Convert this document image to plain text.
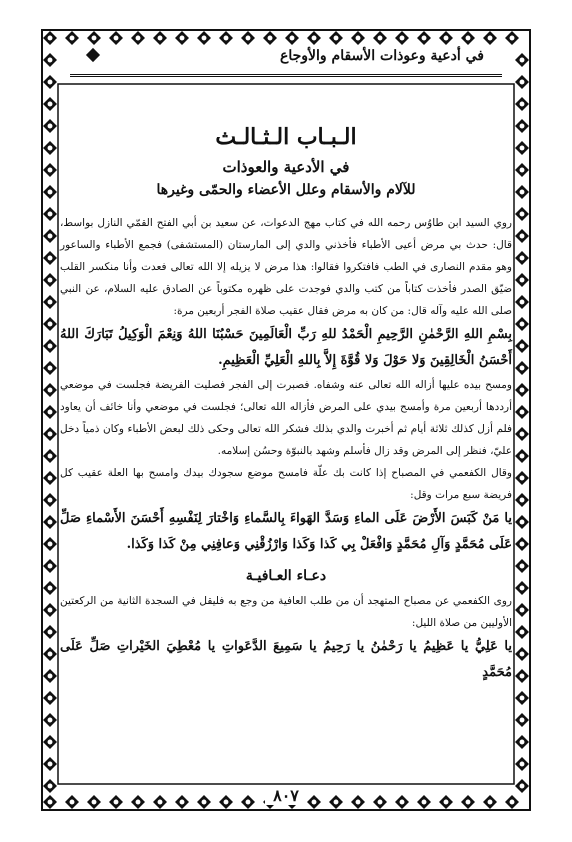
في أدعية وعوذات الأسقام والأوجاع
الـبـاب الـثـالـث
في الأدعية والعوذات
للآلام والأسقام وعلل الأعضاء والحمّى وغيرها

روي السيد ابن طاوُس رحمه الله في كتاب مهج الدعوات، عن سعيد بن أبي الفتح القمّي النازل بواسط، قال: حدث بي مرض أعيى الأطباء فأخذني والدي إلى المارستان (المستشفى) فجمع الأطباء والساعور وهو مقدم النصارى في الطب فافتكروا فقالوا: هذا مرض لا يزيله إلا الله تعالى فعدت وأنا منكسر القلب ضيّق الصدر فأخذت كتاباً من كتب والدي فوجدت على ظهره مكتوباً عن الصادق عليه السلام، عن النبي صلى الله عليه وآله قال: من كان به مرض فقال عقيب صلاة الفجر أربعين مرة:

بِسْمِ اللهِ الرَّحْمٰنِ الرَّحِيمِ الْحَمْدُ للهِ رَبِّ الْعَالَمِينَ حَسْبُنَا اللهُ وَنِعْمَ الْوَكِيلُ تَبَارَكَ اللهُ أَحْسَنُ الْخَالِقِينَ وَلا حَوْلَ وَلا قُوَّةَ إِلاَّ بِاللهِ الْعَلِيِّ الْعَظِيمِ.

ومسح بيده عليها أزاله الله تعالى عنه وشفاه. فصبرت إلى الفجر فصليت الفريضة فجلست في موضعي أرددها أربعين مرة وأمسح بيدي على المرض فأزاله الله تعالى؛ فجلست في موضعي وأنا خائف أن يعاود فلم أزل كذلك ثلاثة أيام ثم أخبرت والدي بذلك فشكر الله تعالى وحكى ذلك لبعض الأطباء وكان ذمياً دخل عليّ، فنظر إلى المرض وقد زال فأسلم وشهد بالنبوّة وحسُن إسلامه.

وقال الكفعمي في المصباح إذا كانت بك علّة فامسح موضع سجودك بيدك وامسح بها العلة عقيب كل فريضة سبع مرات وقل:

يا مَنْ كَبَسَ الأَرْضَ عَلَى الماءِ وَسَدَّ الهَواءَ بِالسَّماءِ وَاخْتارَ لِنَفْسِهِ أَحْسَنَ الأَسْماءِ صَلِّ عَلَى مُحَمَّدٍ وَآلِ مُحَمَّدٍ وَافْعَلْ بِي كَذا وَكَذا وَارْزُقْنِي وَعافِنِي مِنْ كَذا وَكَذا.

دعـاء العـافيـة

روى الكفعمي عن مصباح المتهجد أن من طلب العافية من وجع به فليقل في السجدة الثانية من الركعتين الأوليين من صلاة الليل:

يا عَلِيُّ يا عَظِيمُ يا رَحْمٰنُ يا رَحِيمُ يا سَمِيعَ الدَّعَواتِ يا مُعْطِيَ الخَيْراتِ صَلِّ عَلَى مُحَمَّدٍ

٨٠٧
